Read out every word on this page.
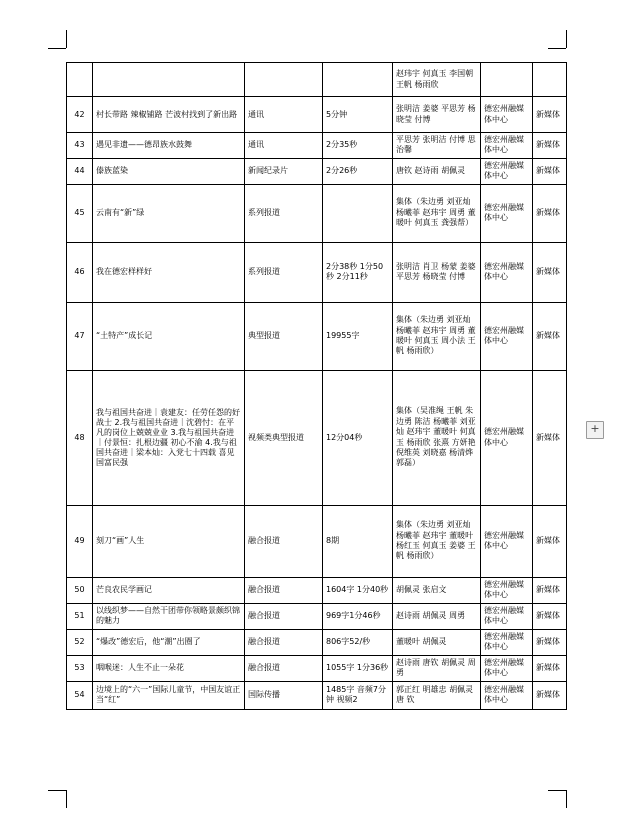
				赵玮宇 何真玉 李国朝 王帆 杨雨欣		
42	村长带路 辣椒铺路 芒波村找到了新出路	通讯	5分钟	张明洁 姜婆 平思芳 杨晓莹 付博	德宏州融媒体中心	新媒体
43	遇见非遗——德昂族水鼓舞	通讯	2分35秒	平思芳 张明洁 付博 思治馨	德宏州融媒体中心	新媒体
44	傣族蓝染	新闻纪录片	2分26秒	唐钦 赵诗雨 胡佩灵	德宏州融媒体中心	新媒体
45	云南有“新”绿	系列报道		集体（朱边勇 刘亚灿 杨曦菲 赵玮宇 周勇 董暖叶 何真玉 龚强帮）	德宏州融媒体中心	新媒体
46	我在德宏样样好	系列报道	2分38秒 1分50秒 2分11秒	张明洁 肖卫 杨蒙 姜婆 平思芳 杨晓莹 付博	德宏州融媒体中心	新媒体
47	“土特产”成长记	典型报道	19955字	集体（朱边勇 刘亚灿 杨曦菲 赵玮宇 周勇 董暖叶 何真玉 周小法 王帆 杨雨欣）	德宏州融媒体中心	新媒体
48	我与祖国共奋进｜袁建友：任劳任怨的好战士 2.我与祖国共奋进｜沈碧忖：在平凡的岗位上兢兢业业 3.我与祖国共奋进｜付景恒：扎根边疆 初心不渝 4.我与祖国共奋进｜梁本灿：入党七十四载 喜见国富民强	视频类典型报道	12分04秒	集体（吴准绳 王帆 朱边勇 陈洁 杨曦菲 刘亚灿 赵玮宇 董暖叶 何真玉 杨雨欣 张熹 方妍艳 倪维英 刘晓嘉 杨清烨 郭磊）	德宏州融媒体中心	新媒体
49	刻刀“画”人生	融合报道	8期	集体（朱边勇 刘亚灿 杨曦菲 赵玮宇 董暖叶 杨红玉 何真玉 姜婆 王帆 杨雨欣）	德宏州融媒体中心	新媒体
50	芒良农民学画记	融合报道	1604字 1分40秒	胡佩灵 张启文	德宏州融媒体中心	新媒体
51	以线织梦——自然干团带你领略景颇织锦的魅力	融合报道	969字1分46秒	赵诗雨 胡佩灵 周勇	德宏州融媒体中心	新媒体
52	“爆改”德宏后，他“潮”出圈了	融合报道	806字52/秒	董暖叶 胡佩灵	德宏州融媒体中心	新媒体
53	咽喉迷：人生不止一朵花	融合报道	1055字 1分36秒	赵诗雨 唐钦 胡佩灵 周勇	德宏州融媒体中心	新媒体
54	边境上的“六一”国际儿童节，中国友谊正当“红”	国际传播	1485字 音频7分钟 视频2	郭正红 明雄忠 胡佩灵 唐 钦	德宏州融媒体中心	新媒体
+
